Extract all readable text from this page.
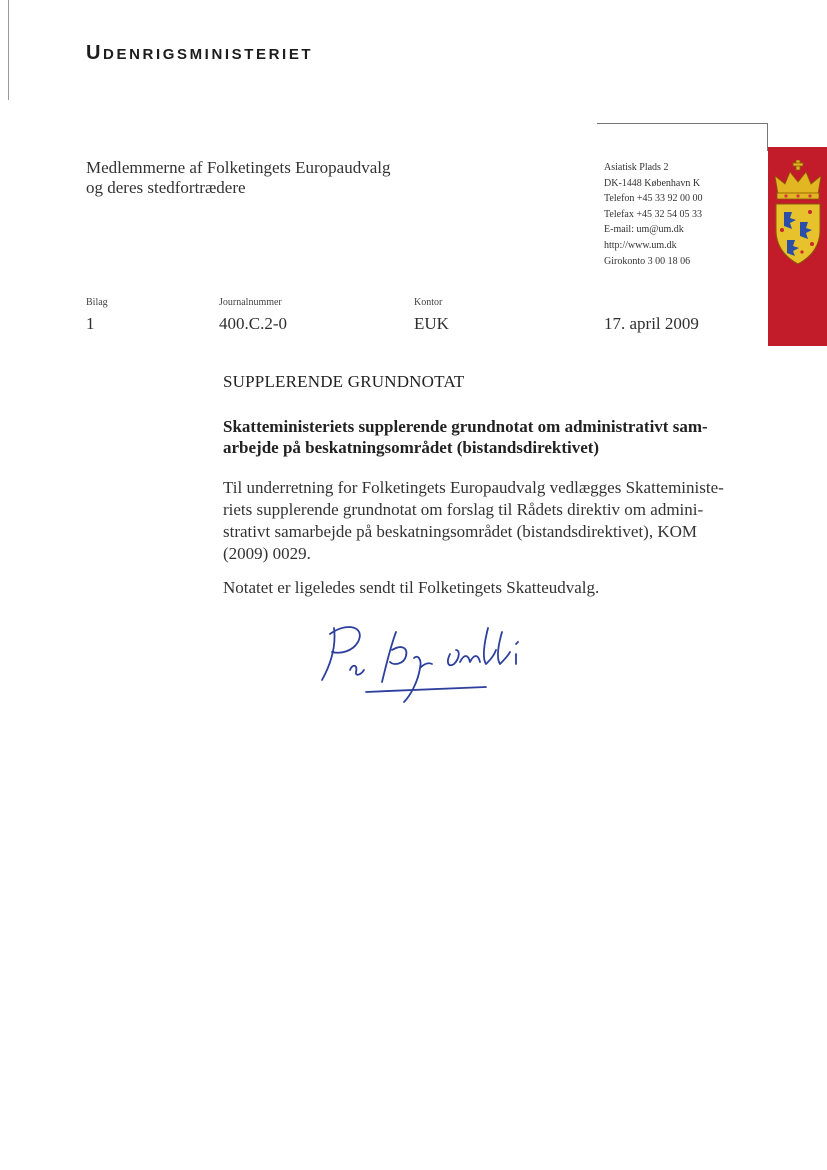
UDENRIGSMINISTERIET
Medlemmerne af Folketingets Europaudvalg
og deres stedfortrædere
Asiatisk Plads 2
DK-1448 København K
Telefon +45 33 92 00 00
Telefax +45 32 54 05 33
E-mail: um@um.dk
http://www.um.dk
Girokonto 3 00 18 06
Bilag
1
Journalnummer
400.C.2-0
Kontor
EUK	17. april 2009
SUPPLERENDE GRUNDNOTAT
Skatteministeriets supplerende grundnotat om administrativt sam-
arbejde på beskatningsområdet (bistandsdirektivet)
Til underretning for Folketingets Europaudvalg vedlægges Skatteministe-
riets supplerende grundnotat om forslag til Rådets direktiv om admini-
strativt samarbejde på beskatningsområdet (bistandsdirektivet), KOM
(2009) 0029.
Notatet er ligeledes sendt til Folketingets Skatteudvalg.
